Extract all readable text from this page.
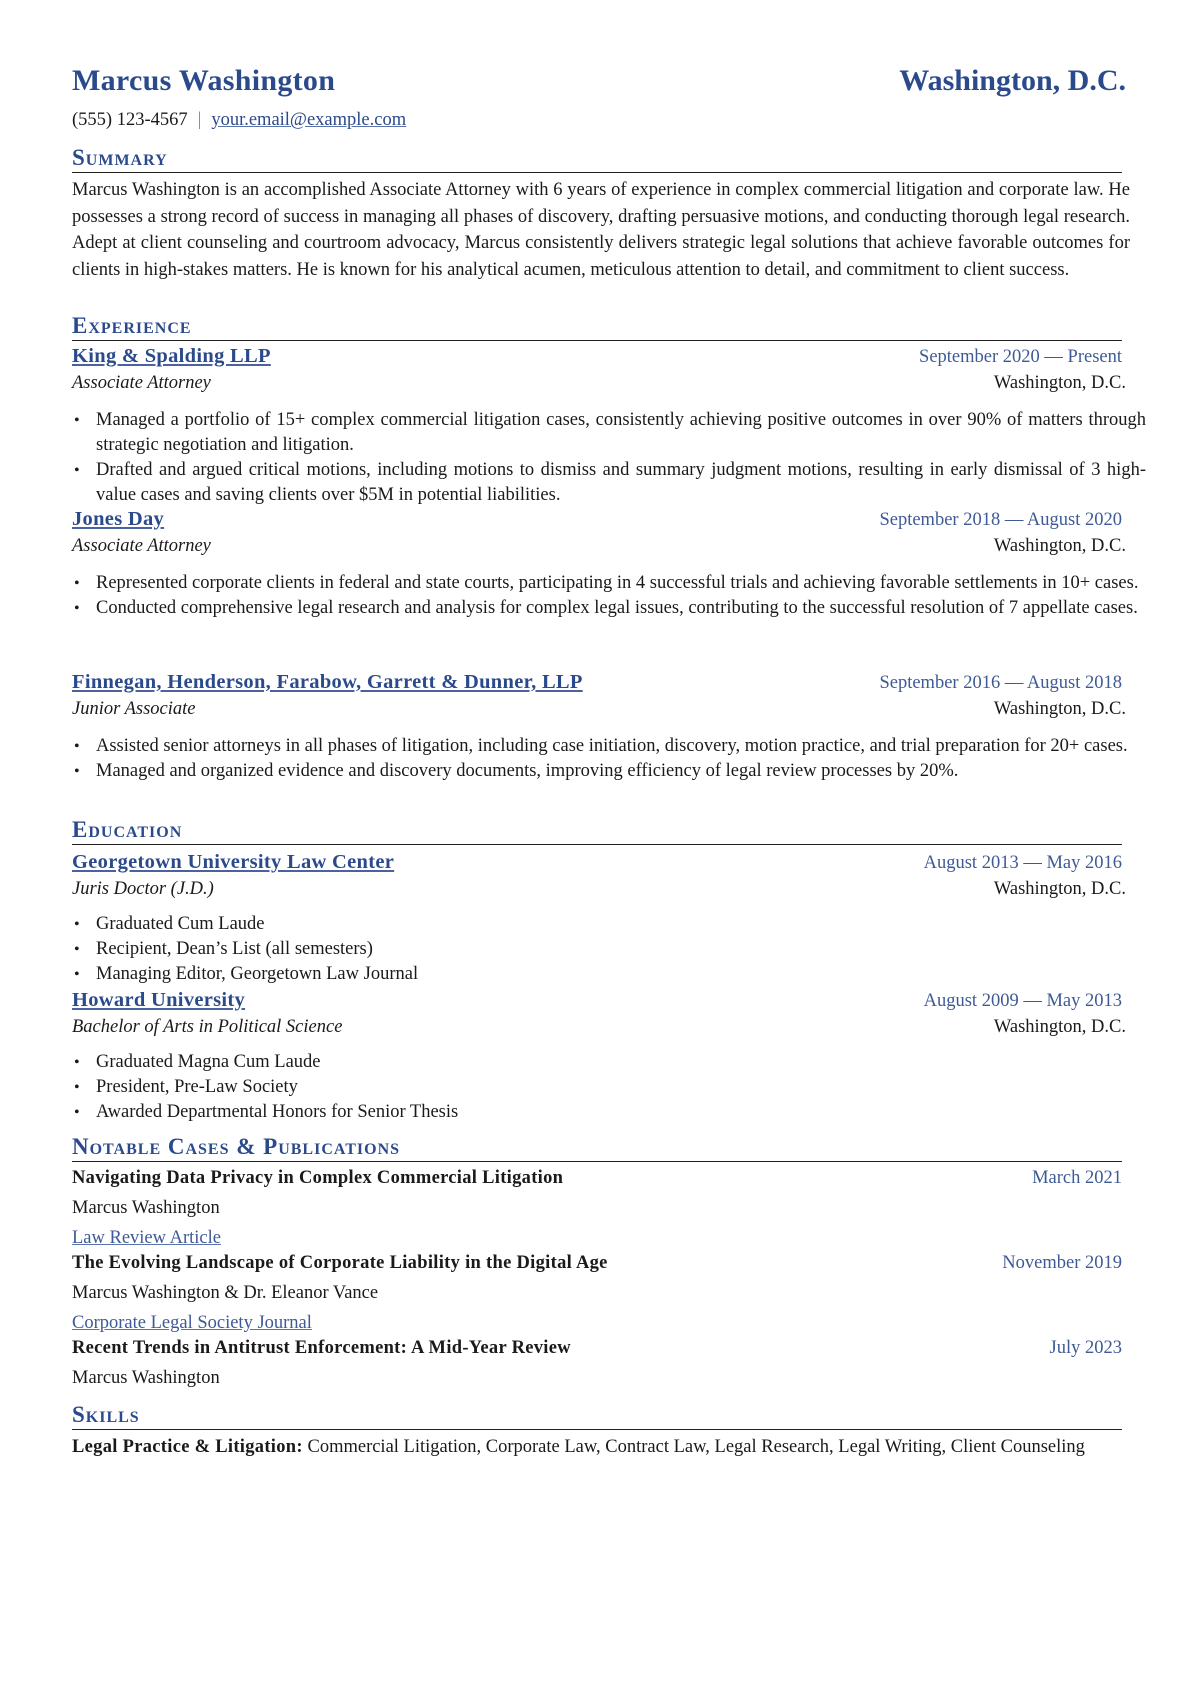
Marcus Washington	Washington, D.C.
(555) 123-4567 | your.email@example.com
Summary
Marcus Washington is an accomplished Associate Attorney with 6 years of experience in complex commercial litigation and corporate law. He possesses a strong record of success in managing all phases of discovery, drafting persuasive motions, and conducting thorough legal research. Adept at client counseling and courtroom advocacy, Marcus consistently delivers strategic legal solutions that achieve favorable outcomes for clients in high-stakes matters. He is known for his analytical acumen, meticulous attention to detail, and commitment to client success.
Experience
King & Spalding LLP	September 2020 — Present
Associate Attorney	Washington, D.C.
• Managed a portfolio of 15+ complex commercial litigation cases, consistently achieving positive outcomes in over 90% of matters through strategic negotiation and litigation.
• Drafted and argued critical motions, including motions to dismiss and summary judgment motions, resulting in early dismissal of 3 high-value cases and saving clients over $5M in potential liabilities.
Jones Day	September 2018 — August 2020
Associate Attorney	Washington, D.C.
• Represented corporate clients in federal and state courts, participating in 4 successful trials and achieving favorable settlements in 10+ cases.
• Conducted comprehensive legal research and analysis for complex legal issues, contributing to the successful resolution of 7 appellate cases.
Finnegan, Henderson, Farabow, Garrett & Dunner, LLP	September 2016 — August 2018
Junior Associate	Washington, D.C.
• Assisted senior attorneys in all phases of litigation, including case initiation, discovery, motion practice, and trial preparation for 20+ cases.
• Managed and organized evidence and discovery documents, improving efficiency of legal review processes by 20%.
Education
Georgetown University Law Center	August 2013 — May 2016
Juris Doctor (J.D.)	Washington, D.C.
• Graduated Cum Laude
• Recipient, Dean’s List (all semesters)
• Managing Editor, Georgetown Law Journal
Howard University	August 2009 — May 2013
Bachelor of Arts in Political Science	Washington, D.C.
• Graduated Magna Cum Laude
• President, Pre-Law Society
• Awarded Departmental Honors for Senior Thesis
Notable Cases & Publications
Navigating Data Privacy in Complex Commercial Litigation	March 2021
Marcus Washington
Law Review Article
The Evolving Landscape of Corporate Liability in the Digital Age	November 2019
Marcus Washington & Dr. Eleanor Vance
Corporate Legal Society Journal
Recent Trends in Antitrust Enforcement: A Mid-Year Review	July 2023
Marcus Washington
Skills
Legal Practice & Litigation: Commercial Litigation, Corporate Law, Contract Law, Legal Research, Legal Writing, Client Counseling
